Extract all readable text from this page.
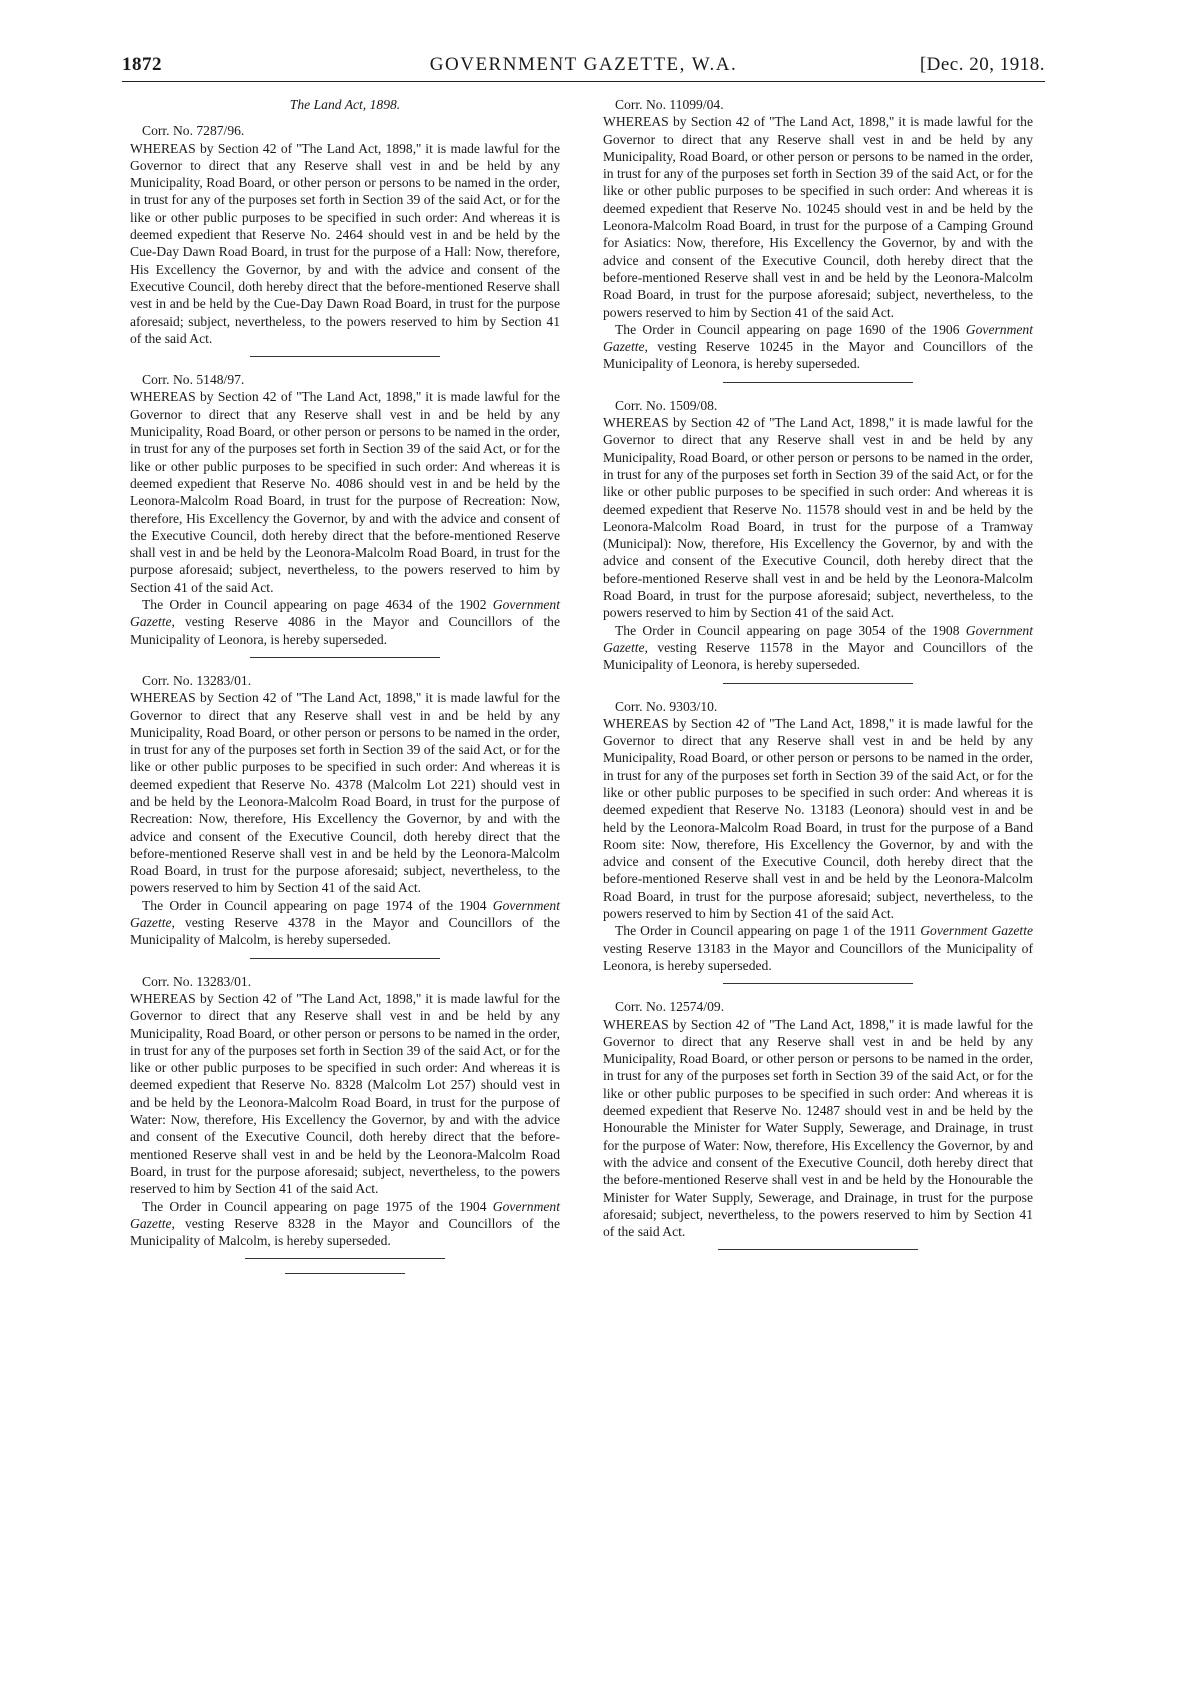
GOVERNMENT GAZETTE, W.A.
1872	[Dec. 20, 1918.

The Land Act, 1898.

Corr. No. 7287/96.

WHEREAS by Section 42 of ''The Land Act, 1898,'' it is made lawful for the Governor to direct that any Reserve shall vest in and be held by any Municipality, Road Board, or other person or persons to be named in the order, in trust for any of the purposes set forth in Section 39 of the said Act, or for the like or other public purposes to be specified in such order: And whereas it is deemed expedient that Reserve No. 2464 should vest in and be held by the Cue-Day Dawn Road Board, in trust for the purpose of a Hall: Now, therefore, His Excellency the Governor, by and with the advice and consent of the Executive Council, doth hereby direct that the before-mentioned Reserve shall vest in and be held by the Cue-Day Dawn Road Board, in trust for the purpose aforesaid; subject, nevertheless, to the powers reserved to him by Section 41 of the said Act.

Corr. No. 5148/97.

WHEREAS by Section 42 of ''The Land Act, 1898,'' it is made lawful for the Governor to direct that any Reserve shall vest in and be held by any Municipality, Road Board, or other person or persons to be named in the order, in trust for any of the purposes set forth in Section 39 of the said Act, or for the like or other public purposes to be specified in such order: And whereas it is deemed expedient that Reserve No. 4086 should vest in and be held by the Leonora-Malcolm Road Board, in trust for the purpose of Recreation: Now, therefore, His Excellency the Governor, by and with the advice and consent of the Executive Council, doth hereby direct that the before-mentioned Reserve shall vest in and be held by the Leonora-Malcolm Road Board, in trust for the purpose aforesaid; subject, nevertheless, to the powers reserved to him by Section 41 of the said Act.

The Order in Council appearing on page 4634 of the 1902 Government Gazette, vesting Reserve 4086 in the Mayor and Councillors of the Municipality of Leonora, is hereby superseded.

Corr. No. 13283/01.

WHEREAS by Section 42 of ''The Land Act, 1898,'' it is made lawful for the Governor to direct that any Reserve shall vest in and be held by any Municipality, Road Board, or other person or persons to be named in the order, in trust for any of the purposes set forth in Section 39 of the said Act, or for the like or other public purposes to be specified in such order: And whereas it is deemed expedient that Reserve No. 4378 (Malcolm Lot 221) should vest in and be held by the Leonora-Malcolm Road Board, in trust for the purpose of Recreation: Now, therefore, His Excellency the Governor, by and with the advice and consent of the Executive Council, doth hereby direct that the before-mentioned Reserve shall vest in and be held by the Leonora-Malcolm Road Board, in trust for the purpose aforesaid; subject, nevertheless, to the powers reserved to him by Section 41 of the said Act.

The Order in Council appearing on page 1974 of the 1904 Government Gazette, vesting Reserve 4378 in the Mayor and Councillors of the Municipality of Malcolm, is hereby superseded.

Corr. No. 13283/01.

WHEREAS by Section 42 of ''The Land Act, 1898,'' it is made lawful for the Governor to direct that any Reserve shall vest in and be held by any Municipality, Road Board, or other person or persons to be named in the order, in trust for any of the purposes set forth in Section 39 of the said Act, or for the like or other public purposes to be specified in such order: And whereas it is deemed expedient that Reserve No. 8328 (Malcolm Lot 257) should vest in and be held by the Leonora-Malcolm Road Board, in trust for the purpose of Water: Now, therefore, His Excellency the Governor, by and with the advice and consent of the Executive Council, doth hereby direct that the before-mentioned Reserve shall vest in and be held by the Leonora-Malcolm Road Board, in trust for the purpose aforesaid; subject, nevertheless, to the powers reserved to him by Section 41 of the said Act.

The Order in Council appearing on page 1975 of the 1904 Government Gazette, vesting Reserve 8328 in the Mayor and Councillors of the Municipality of Malcolm, is hereby superseded.

Corr. No. 11099/04.

WHEREAS by Section 42 of ''The Land Act, 1898,'' it is made lawful for the Governor to direct that any Reserve shall vest in and be held by any Municipality, Road Board, or other person or persons to be named in the order, in trust for any of the purposes set forth in Section 39 of the said Act, or for the like or other public purposes to be specified in such order: And whereas it is deemed expedient that Reserve No. 10245 should vest in and be held by the Leonora-Malcolm Road Board, in trust for the purpose of a Camping Ground for Asiatics: Now, therefore, His Excellency the Governor, by and with the advice and consent of the Executive Council, doth hereby direct that the before-mentioned Reserve shall vest in and be held by the Leonora-Malcolm Road Board, in trust for the purpose aforesaid; subject, nevertheless, to the powers reserved to him by Section 41 of the said Act.

The Order in Council appearing on page 1690 of the 1906 Government Gazette, vesting Reserve 10245 in the Mayor and Councillors of the Municipality of Leonora, is hereby superseded.

Corr. No. 1509/08.

WHEREAS by Section 42 of ''The Land Act, 1898,'' it is made lawful for the Governor to direct that any Reserve shall vest in and be held by any Municipality, Road Board, or other person or persons to be named in the order, in trust for any of the purposes set forth in Section 39 of the said Act, or for the like or other public purposes to be specified in such order: And whereas it is deemed expedient that Reserve No. 11578 should vest in and be held by the Leonora-Malcolm Road Board, in trust for the purpose of a Tramway (Municipal): Now, therefore, His Excellency the Governor, by and with the advice and consent of the Executive Council, doth hereby direct that the before-mentioned Reserve shall vest in and be held by the Leonora-Malcolm Road Board, in trust for the purpose aforesaid; subject, nevertheless, to the powers reserved to him by Section 41 of the said Act.

The Order in Council appearing on page 3054 of the 1908 Government Gazette, vesting Reserve 11578 in the Mayor and Councillors of the Municipality of Leonora, is hereby superseded.

Corr. No. 9303/10.

WHEREAS by Section 42 of ''The Land Act, 1898,'' it is made lawful for the Governor to direct that any Reserve shall vest in and be held by any Municipality, Road Board, or other person or persons to be named in the order, in trust for any of the purposes set forth in Section 39 of the said Act, or for the like or other public purposes to be specified in such order: And whereas it is deemed expedient that Reserve No. 13183 (Leonora) should vest in and be held by the Leonora-Malcolm Road Board, in trust for the purpose of a Band Room site: Now, therefore, His Excellency the Governor, by and with the advice and consent of the Executive Council, doth hereby direct that the before-mentioned Reserve shall vest in and be held by the Leonora-Malcolm Road Board, in trust for the purpose aforesaid; subject, nevertheless, to the powers reserved to him by Section 41 of the said Act.

The Order in Council appearing on page 1 of the 1911 Government Gazette vesting Reserve 13183 in the Mayor and Councillors of the Municipality of Leonora, is hereby superseded.

Corr. No. 12574/09.

WHEREAS by Section 42 of ''The Land Act, 1898,'' it is made lawful for the Governor to direct that any Reserve shall vest in and be held by any Municipality, Road Board, or other person or persons to be named in the order, in trust for any of the purposes set forth in Section 39 of the said Act, or for the like or other public purposes to be specified in such order: And whereas it is deemed expedient that Reserve No. 12487 should vest in and be held by the Honourable the Minister for Water Supply, Sewerage, and Drainage, in trust for the purpose of Water: Now, therefore, His Excellency the Governor, by and with the advice and consent of the Executive Council, doth hereby direct that the before-mentioned Reserve shall vest in and be held by the Honourable the Minister for Water Supply, Sewerage, and Drainage, in trust for the purpose aforesaid; subject, nevertheless, to the powers reserved to him by Section 41 of the said Act.
